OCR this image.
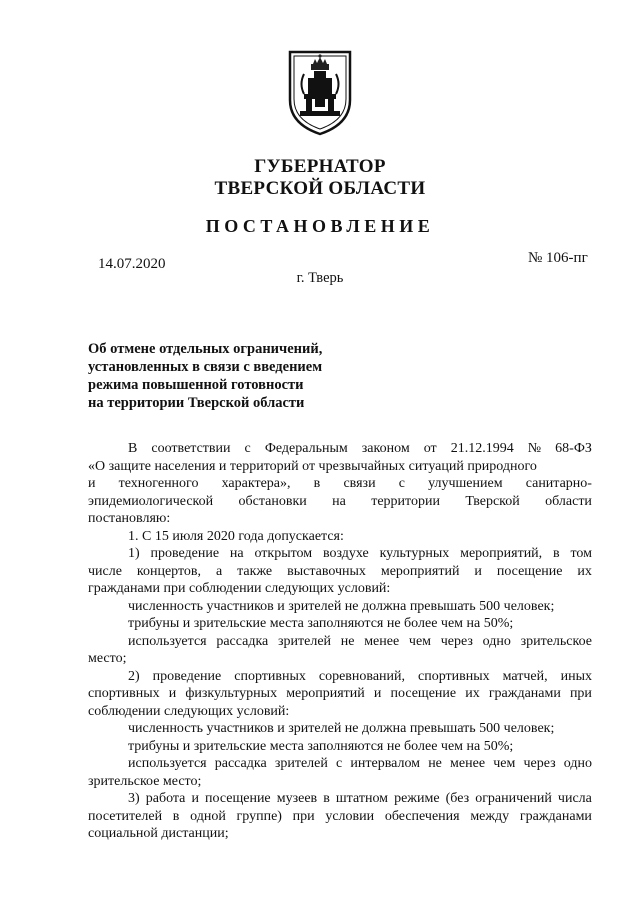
ГУБЕРНАТОР
ТВЕРСКОЙ ОБЛАСТИ
ПОСТАНОВЛЕНИЕ
14.07.2020	№ 106-пг
г. Тверь
Об отмене отдельных ограничений,
установленных в связи с введением
режима повышенной готовности
на территории Тверской области
В соответствии с Федеральным законом от 21.12.1994 № 68-ФЗ
«О защите населения и территорий от чрезвычайных ситуаций природного
и техногенного характера», в связи с улучшением санитарно-
эпидемиологической обстановки на территории Тверской области
постановляю:
1. С 15 июля 2020 года допускается:
1) проведение на открытом воздухе культурных мероприятий, в том
числе концертов, а также выставочных мероприятий и посещение их
гражданами при соблюдении следующих условий:
численность участников и зрителей не должна превышать 500 человек;
трибуны и зрительские места заполняются не более чем на 50%;
используется рассадка зрителей не менее чем через одно зрительское
место;
2) проведение спортивных соревнований, спортивных матчей, иных
спортивных и физкультурных мероприятий и посещение их гражданами при
соблюдении следующих условий:
численность участников и зрителей не должна превышать 500 человек;
трибуны и зрительские места заполняются не более чем на 50%;
используется рассадка зрителей с интервалом не менее чем через одно
зрительское место;
3) работа и посещение музеев в штатном режиме (без ограничений числа
посетителей в одной группе) при условии обеспечения между гражданами
социальной дистанции;
